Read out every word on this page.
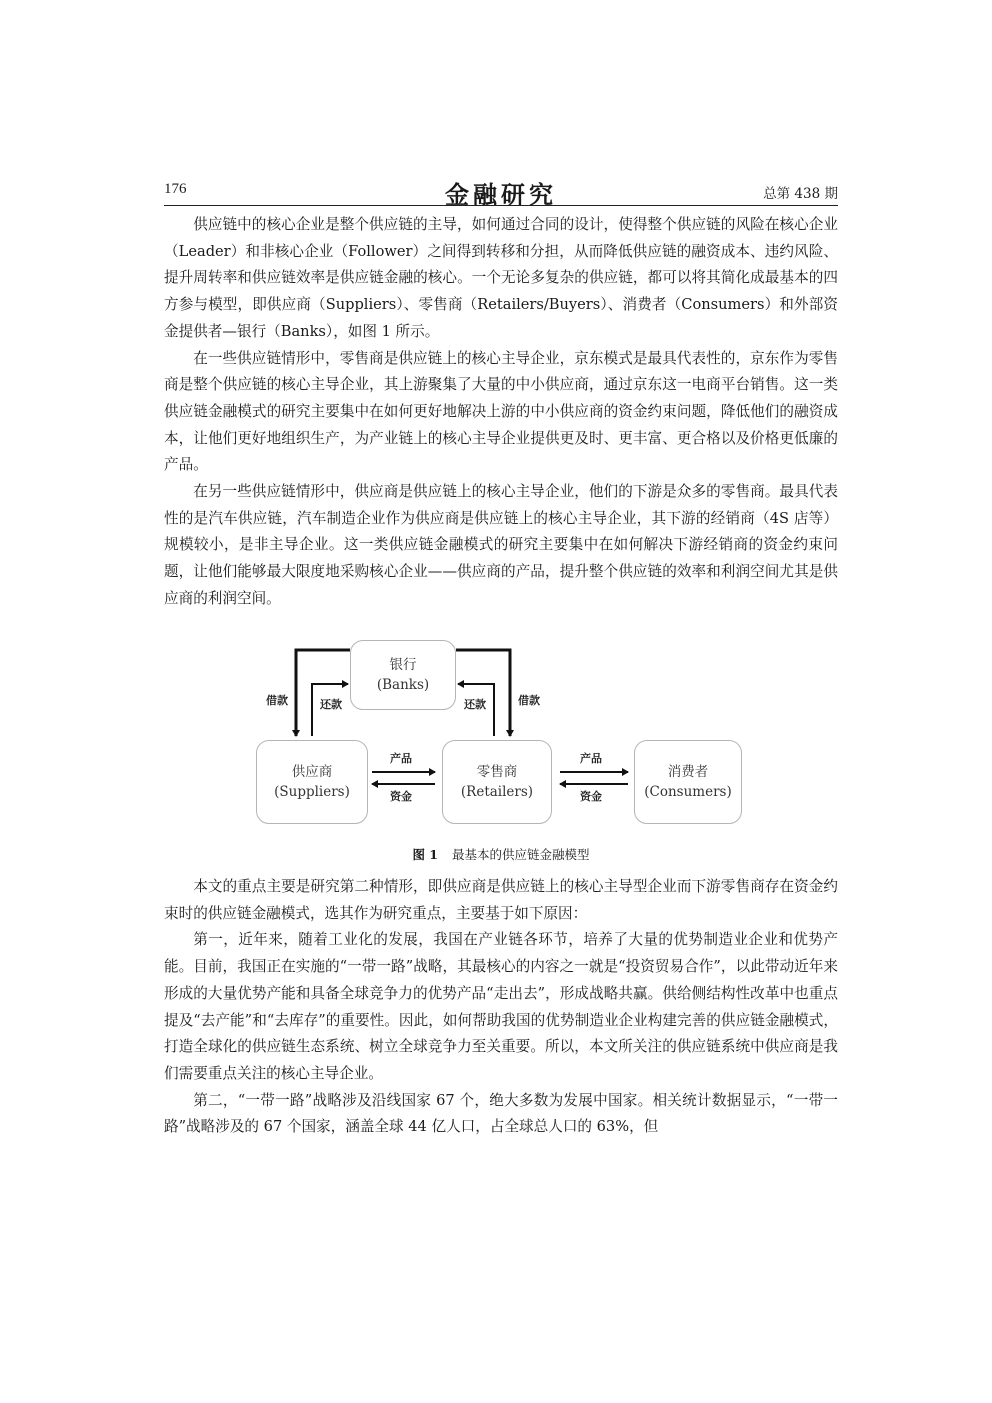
176	金融研究	总第 438 期

供应链中的核心企业是整个供应链的主导，如何通过合同的设计，使得整个供应链的风险在核心企业（Leader）和非核心企业（Follower）之间得到转移和分担，从而降低供应链的融资成本、违约风险、提升周转率和供应链效率是供应链金融的核心。一个无论多复杂的供应链，都可以将其简化成最基本的四方参与模型，即供应商（Suppliers）、零售商（Retailers/Buyers）、消费者（Consumers）和外部资金提供者—银行（Banks），如图 1 所示。

在一些供应链情形中，零售商是供应链上的核心主导企业，京东模式是最具代表性的，京东作为零售商是整个供应链的核心主导企业，其上游聚集了大量的中小供应商，通过京东这一电商平台销售。这一类供应链金融模式的研究主要集中在如何更好地解决上游的中小供应商的资金约束问题，降低他们的融资成本，让他们更好地组织生产，为产业链上的核心主导企业提供更及时、更丰富、更合格以及价格更低廉的产品。

在另一些供应链情形中，供应商是供应链上的核心主导企业，他们的下游是众多的零售商。最具代表性的是汽车供应链，汽车制造企业作为供应商是供应链上的核心主导企业，其下游的经销商（4S 店等）规模较小，是非主导企业。这一类供应链金融模式的研究主要集中在如何解决下游经销商的资金约束问题，让他们能够最大限度地采购核心企业——供应商的产品，提升整个供应链的效率和利润空间尤其是供应商的利润空间。

银行
(Banks)
供应商
(Suppliers)
零售商
(Retailers)
消费者
(Consumers)
借款	还款	还款	借款
产品
资金
产品
资金
图 1 最基本的供应链金融模型

本文的重点主要是研究第二种情形，即供应商是供应链上的核心主导型企业而下游零售商存在资金约束时的供应链金融模式，选其作为研究重点，主要基于如下原因：

第一，近年来，随着工业化的发展，我国在产业链各环节，培养了大量的优势制造业企业和优势产能。目前，我国正在实施的“一带一路”战略，其最核心的内容之一就是“投资贸易合作”，以此带动近年来形成的大量优势产能和具备全球竞争力的优势产品“走出去”，形成战略共赢。供给侧结构性改革中也重点提及“去产能”和“去库存”的重要性。因此，如何帮助我国的优势制造业企业构建完善的供应链金融模式，打造全球化的供应链生态系统、树立全球竞争力至关重要。所以，本文所关注的供应链系统中供应商是我们需要重点关注的核心主导企业。

第二，“一带一路”战略涉及沿线国家 67 个，绝大多数为发展中国家。相关统计数据显示，“一带一路”战略涉及的 67 个国家，涵盖全球 44 亿人口，占全球总人口的 63%，但
